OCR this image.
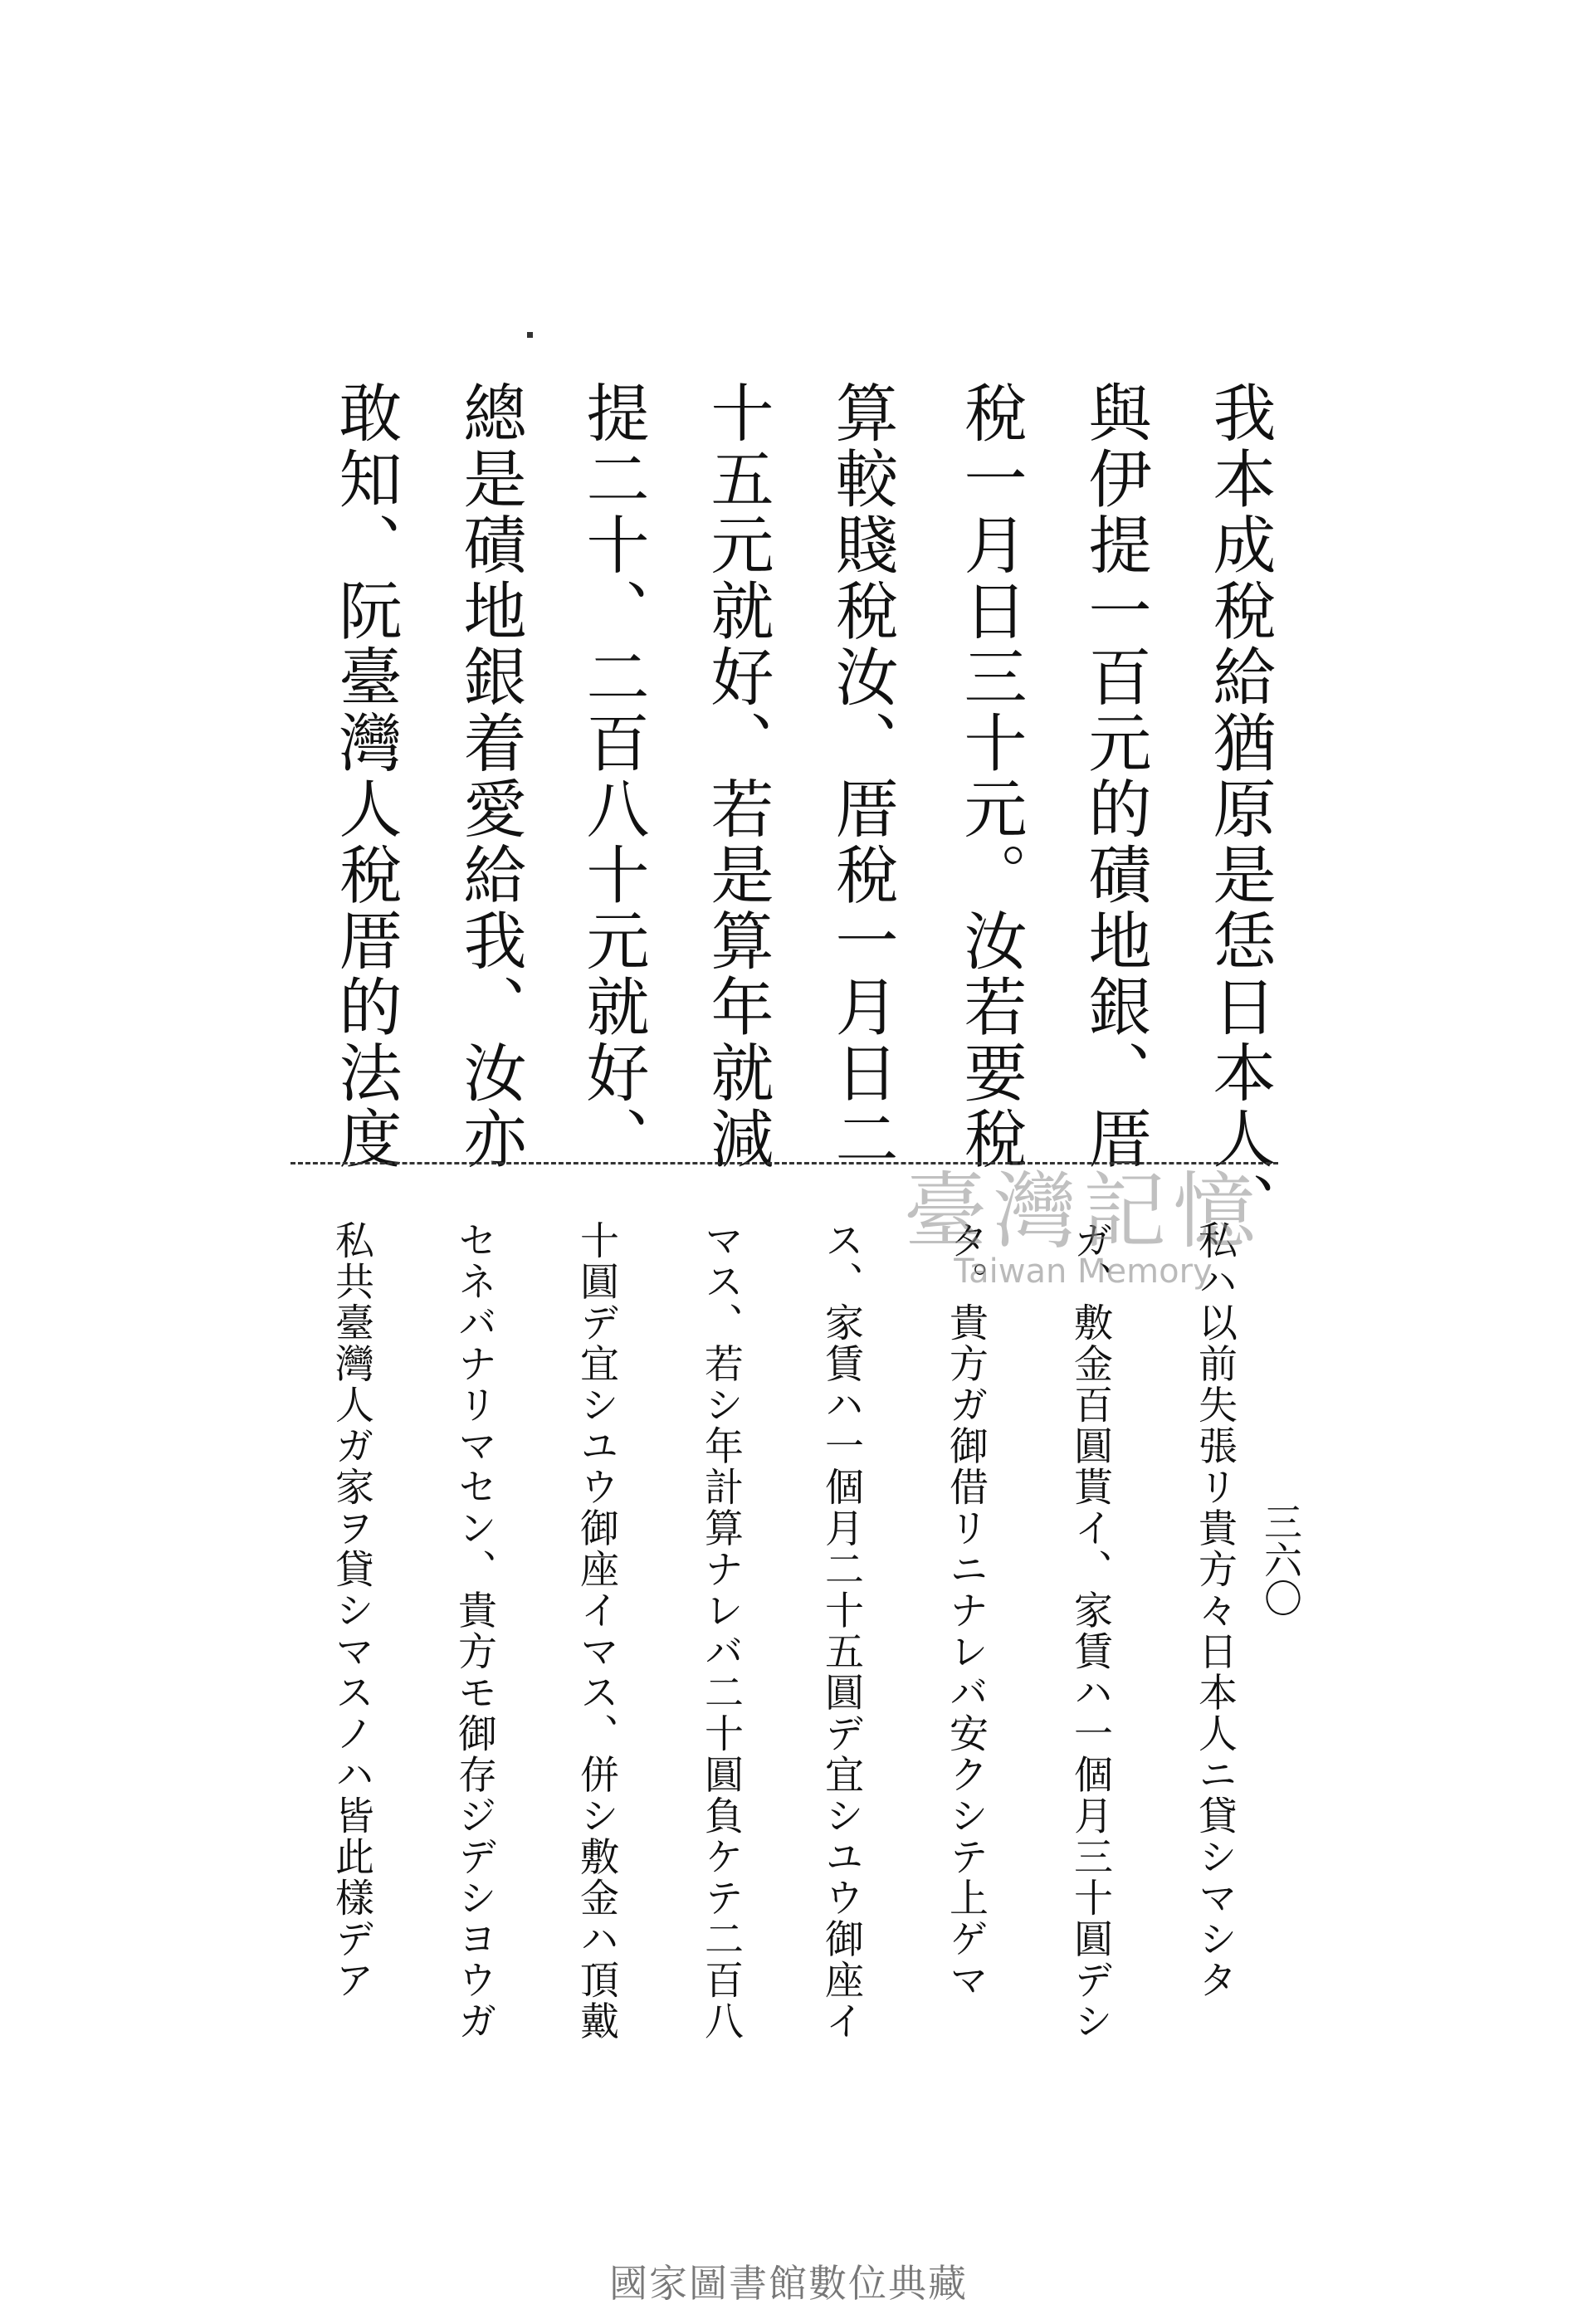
我本成稅給猶原是恁日本人、

與伊提一百元的磧地銀、厝

稅一月日三十元。汝若要稅

算較賤稅汝、厝稅一月日二

十五元就好、若是算年就減

提二十、二百八十元就好、

總是磧地銀着愛給我、汝亦

敢知、阮臺灣人稅厝的法度

私ハ以前失張リ貴方々日本人ニ貸シマシタ

ガ、敷金百圓貰イ、家賃ハ一個月三十圓デシ

タ。貴方ガ御借リニナレバ安クシテ上ゲマ

ス、家賃ハ一個月二十五圓デ宜シユウ御座イ

マス、若シ年計算ナレバ二十圓負ケテ二百八

十圓デ宜シユウ御座イマス、併シ敷金ハ頂戴

セネバナリマセン、貴方モ御存ジデシヨウガ

私共臺灣人ガ家ヲ貸シマスノハ皆此樣デア	三六〇
臺灣記憶
Taiwan Memory
國家圖書館數位典藏
